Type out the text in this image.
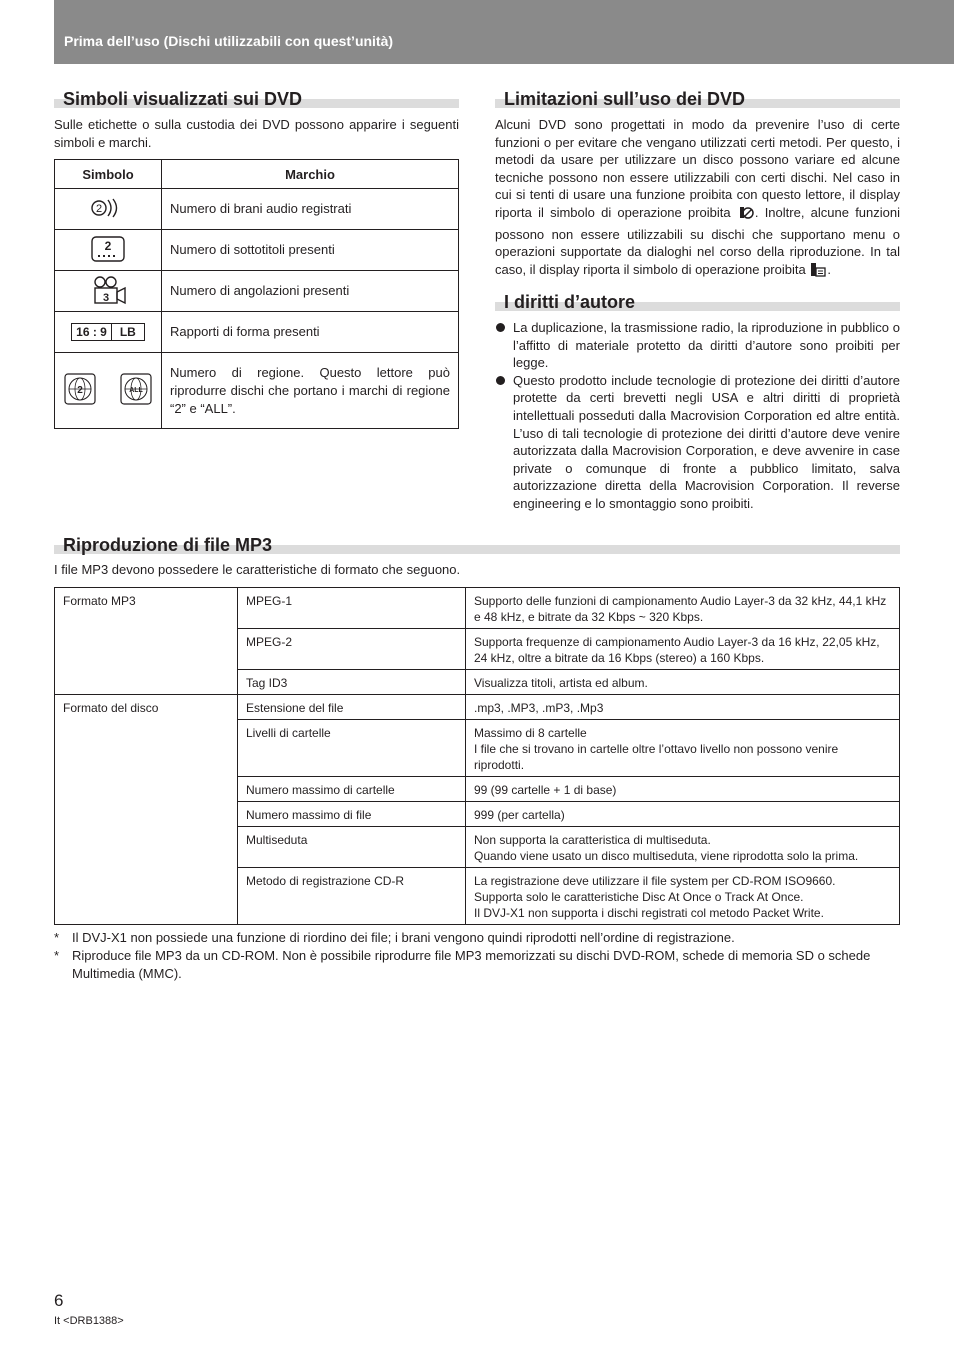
Prima dell’uso (Dischi utilizzabili con quest’unità)
Simboli visualizzati sui DVD

Sulle etichette o sulla custodia dei DVD possono apparire i seguenti simboli e marchi.

Simbolo	Marchio

2	Numero di brani audio registrati

2	Numero di sottotitoli presenti

3	Numero di angolazioni presenti

16 : 9 LB	Rapporti di forma presenti

2 ALL	Numero di regione. Questo lettore può riprodurre dischi che portano i marchi di regione “2” e “ALL”.
Limitazioni sull’uso dei DVD

Alcuni DVD sono progettati in modo da prevenire l’uso di certe funzioni o per evitare che vengano utilizzati certi metodi. Per questo, i metodi da usare per utilizzare un disco possono variare ed alcune tecniche possono non essere utilizzabili con certi dischi. Nel caso in cui si tenti di usare una funzione proibita con questo lettore, il display riporta il simbolo di operazione proibita . Inoltre, alcune funzioni possono non essere utilizzabili su dischi che supportano menu o operazioni supportate da dialoghi nel corso della riproduzione. In tal caso, il display riporta il simbolo di operazione proibita .

I diritti d’autore
La duplicazione, la trasmissione radio, la riproduzione in pubblico o l’affitto di materiale protetto da diritti d’autore sono proibiti per legge.
Questo prodotto include tecnologie di protezione dei diritti d’autore protette da certi brevetti negli USA e altri diritti di proprietà intellettuali posseduti dalla Macrovision Corporation ed altre entità. L’uso di tali tecnologie di protezione dei diritti d’autore deve venire autorizzata dalla Macrovision Corporation, e deve avvenire in case private o comunque di fronte a pubblico limitato, salva autorizzazione diretta della Macrovision Corporation. Il reverse engineering e lo smontaggio sono proibiti.
Riproduzione di file MP3

I file MP3 devono possedere le caratteristiche di formato che seguono.

Formato MP3	MPEG-1	Supporto delle funzioni di campionamento Audio Layer-3 da 32 kHz, 44,1 kHz e 48 kHz, e bitrate da 32 Kbps ~ 320 Kbps.
	MPEG-2	Supporta frequenze di campionamento Audio Layer-3 da 16 kHz, 22,05 kHz, 24 kHz, oltre a bitrate da 16 Kbps (stereo) a 160 Kbps.
	Tag ID3	Visualizza titoli, artista ed album.
Formato del disco	Estensione del file	.mp3, .MP3, .mP3, .Mp3
	Livelli di cartelle	Massimo di 8 cartelle
I file che si trovano in cartelle oltre l’ottavo livello non possono venire riprodotti.
	Numero massimo di cartelle	99 (99 cartelle + 1 di base)
	Numero massimo di file	999 (per cartella)
	Multiseduta	Non supporta la caratteristica di multiseduta.
Quando viene usato un disco multiseduta, viene riprodotta solo la prima.
	Metodo di registrazione CD-R	La registrazione deve utilizzare il file system per CD-ROM ISO9660.
Supporta solo le caratteristiche Disc At Once o Track At Once.
Il DVJ-X1 non supporta i dischi registrati col metodo Packet Write.
* Il DVJ-X1 non possiede una funzione di riordino dei file; i brani vengono quindi riprodotti nell’ordine di registrazione.
* Riproduce file MP3 da un CD-ROM. Non è possibile riprodurre file MP3 memorizzati su dischi DVD-ROM, schede di memoria SD o schede Multimedia (MMC).
6
It <DRB1388>
